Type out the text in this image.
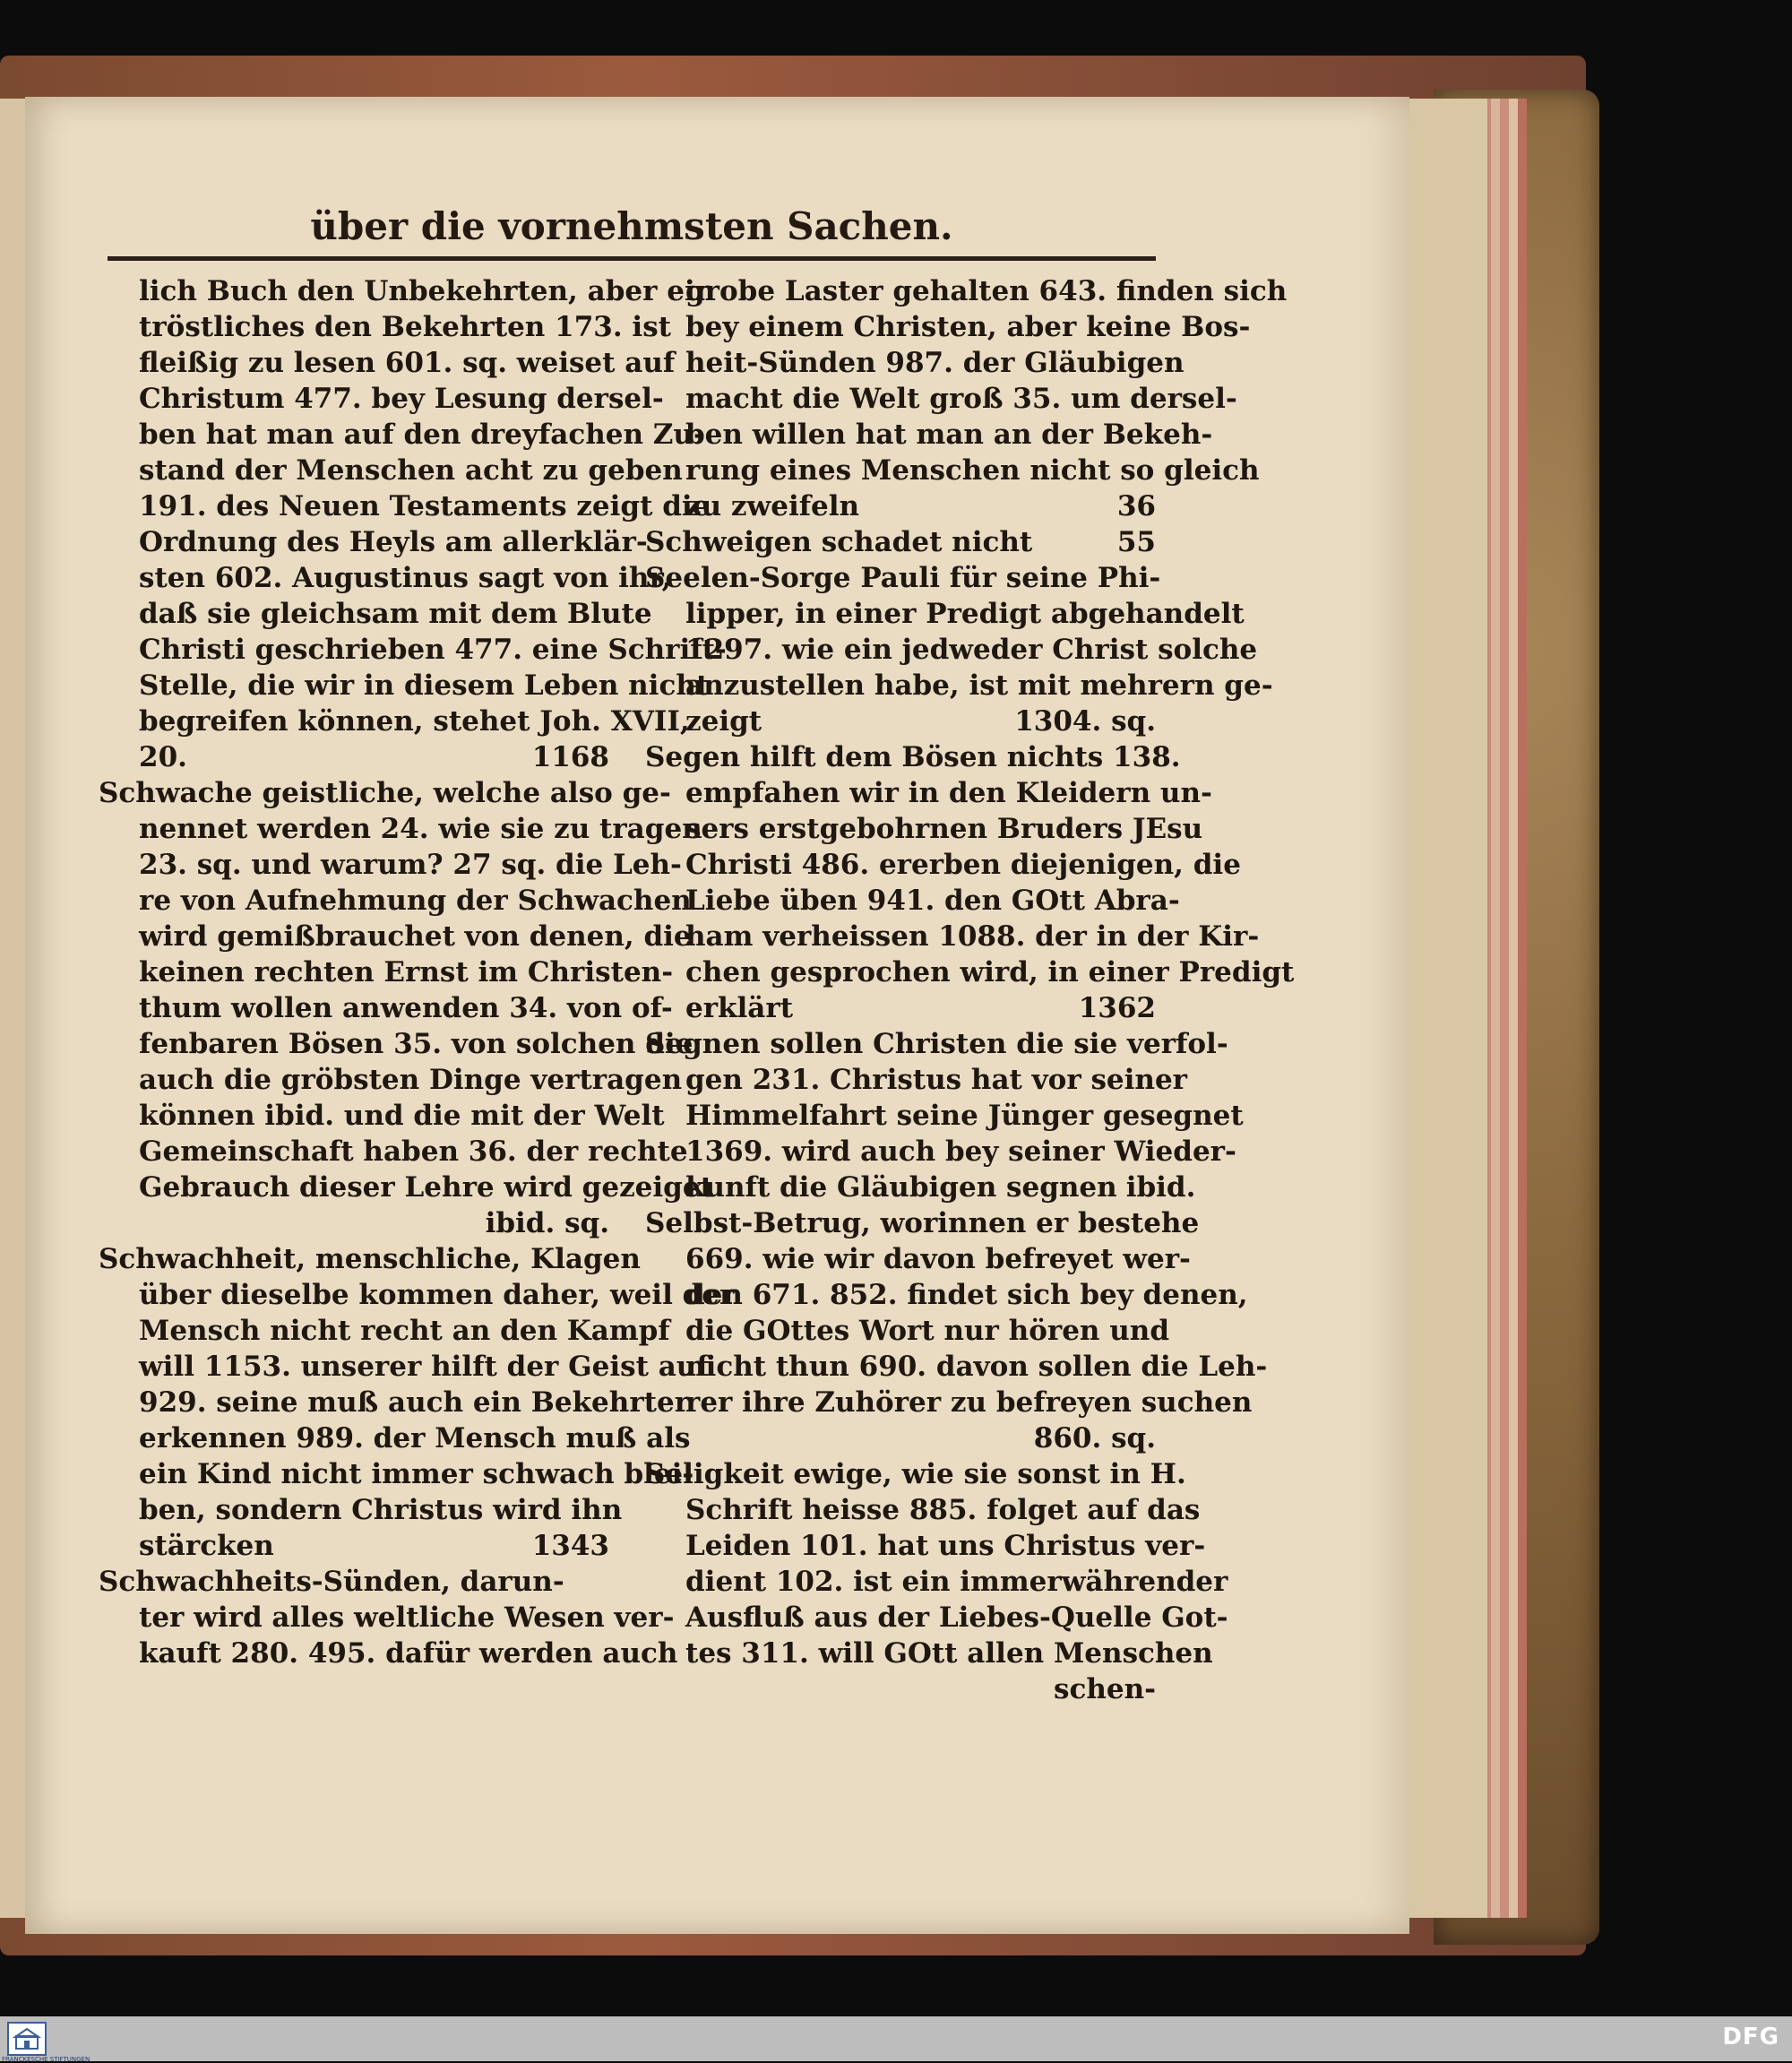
über die vornehmsten Sachen.
lich Buch den Unbekehrten, aber ein
tröstliches den Bekehrten 173. ist
fleißig zu lesen 601. sq. weiset auf
Christum 477. bey Lesung dersel-
ben hat man auf den dreyfachen Zu-
stand der Menschen acht zu geben
191. des Neuen Testaments zeigt die
Ordnung des Heyls am allerklär-
sten 602. Augustinus sagt von ihr,
daß sie gleichsam mit dem Blute
Christi geschrieben 477. eine Schrift-
Stelle, die wir in diesem Leben nicht
begreifen können, stehet Joh. XVII,
20.	1168
Schwache geistliche, welche also ge-
nennet werden 24. wie sie zu tragen
23. sq. und warum? 27 sq. die Leh-
re von Aufnehmung der Schwachen
wird gemißbrauchet von denen, die
keinen rechten Ernst im Christen-
thum wollen anwenden 34. von of-
fenbaren Bösen 35. von solchen die
auch die gröbsten Dinge vertragen
können ibid. und die mit der Welt
Gemeinschaft haben 36. der rechte
Gebrauch dieser Lehre wird gezeiget
ibid. sq.
Schwachheit, menschliche, Klagen
über dieselbe kommen daher, weil der
Mensch nicht recht an den Kampf
will 1153. unserer hilft der Geist auf
929. seine muß auch ein Bekehrter
erkennen 989. der Mensch muß als
ein Kind nicht immer schwach blei-
ben, sondern Christus wird ihn
stärcken	1343
Schwachheits-Sünden, darun-
ter wird alles weltliche Wesen ver-
kauft 280. 495. dafür werden auch
grobe Laster gehalten 643. finden sich
bey einem Christen, aber keine Bos-
heit-Sünden 987. der Gläubigen
macht die Welt groß 35. um dersel-
ben willen hat man an der Bekeh-
rung eines Menschen nicht so gleich
zu zweifeln	36
Schweigen schadet nicht	55
Seelen-Sorge Pauli für seine Phi-
lipper, in einer Predigt abgehandelt
1297. wie ein jedweder Christ solche
anzustellen habe, ist mit mehrern ge-
zeigt	1304. sq.
Segen hilft dem Bösen nichts 138.
empfahen wir in den Kleidern un-
sers erstgebohrnen Bruders JEsu
Christi 486. ererben diejenigen, die
Liebe üben 941. den GOtt Abra-
ham verheissen 1088. der in der Kir-
chen gesprochen wird, in einer Predigt
erklärt	1362
Segnen sollen Christen die sie verfol-
gen 231. Christus hat vor seiner
Himmelfahrt seine Jünger gesegnet
1369. wird auch bey seiner Wieder-
kunft die Gläubigen segnen ibid.
Selbst-Betrug, worinnen er bestehe
669. wie wir davon befreyet wer-
den 671. 852. findet sich bey denen,
die GOttes Wort nur hören und
nicht thun 690. davon sollen die Leh-
rer ihre Zuhörer zu befreyen suchen
860. sq.
Seligkeit ewige, wie sie sonst in H.
Schrift heisse 885. folget auf das
Leiden 101. hat uns Christus ver-
dient 102. ist ein immerwährender
Ausfluß aus der Liebes-Quelle Got-
tes 311. will GOtt allen Menschen
schen-
FRANCKESCHE STIFTUNGEN
DFG
